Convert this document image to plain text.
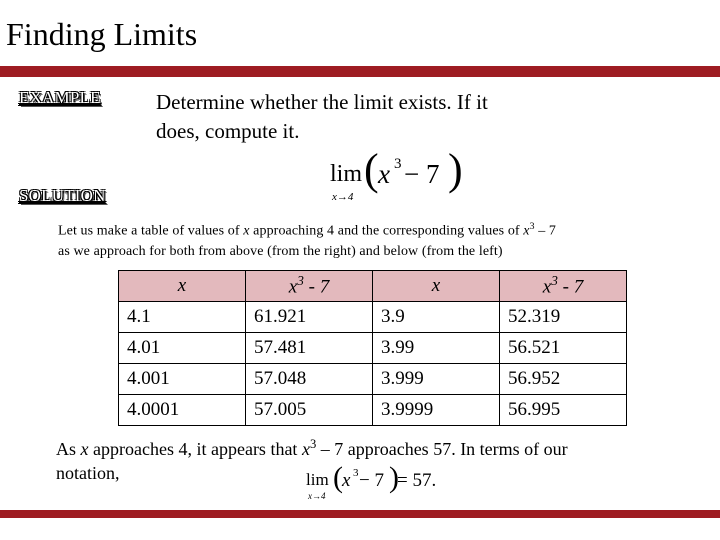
Finding Limits
EXAMPLE	Determine whether the limit exists. If it does, compute it.
lim
x→4
( x 3 − 7 )
SOLUTION

Let us make a table of values of x approaching 4 and the corresponding values of $x^3 - 7$

as we approach for both from above (from the right) and below (from the left)

x	$x^3 - 7$	x	$x^3 - 7$
4.1	61.921	3.9	52.319
4.01	57.481	3.99	56.521
4.001	57.048	3.999	56.952
4.0001	57.005	3.9999	56.995

As x approaches 4, it appears that $x^3 - 7$ approaches 57. In terms of our

notation,	lim
x→4
( x 3 − 7 )
= 57.
